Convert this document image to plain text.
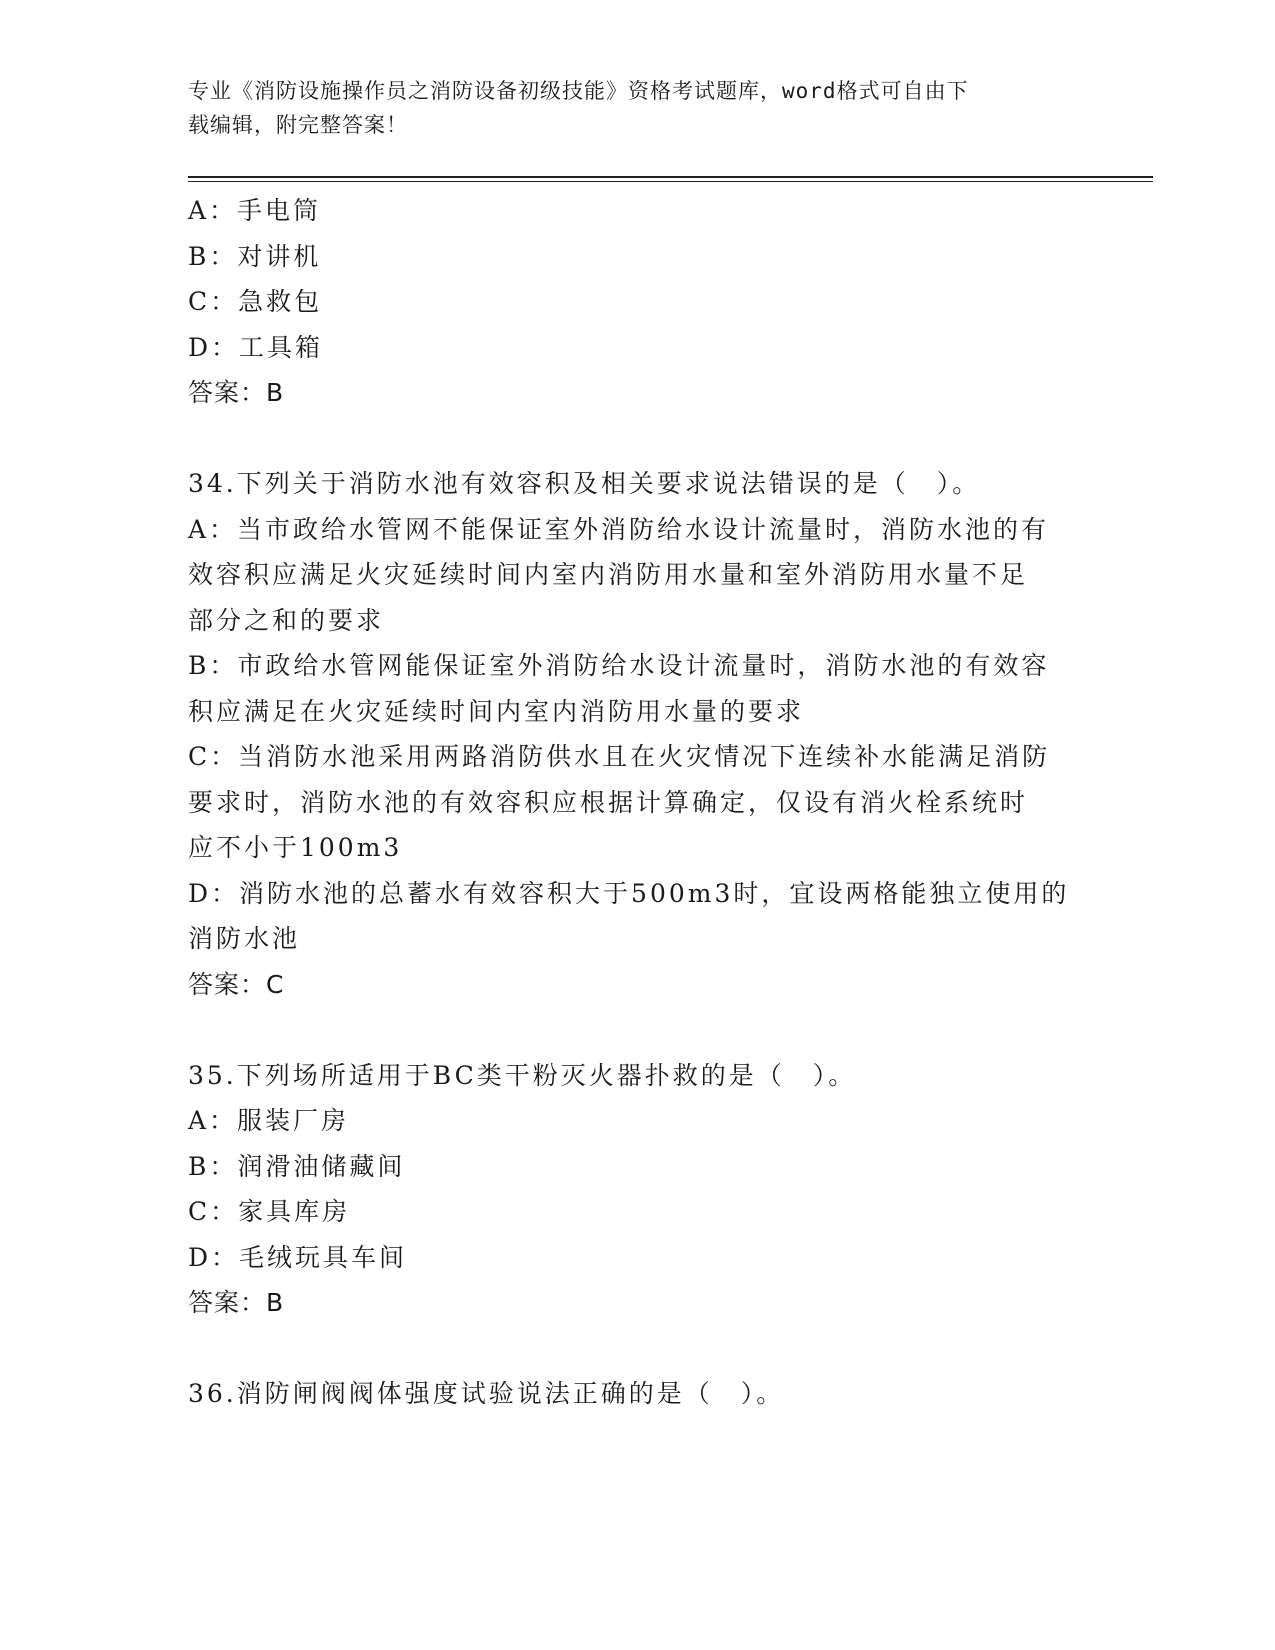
专业《消防设施操作员之消防设备初级技能》资格考试题库，word格式可自由下
载编辑，附完整答案！
A：手电筒
B：对讲机
C：急救包
D：工具箱
答案：B
34.下列关于消防水池有效容积及相关要求说法错误的是（　）。
A：当市政给水管网不能保证室外消防给水设计流量时，消防水池的有
效容积应满足火灾延续时间内室内消防用水量和室外消防用水量不足
部分之和的要求
B：市政给水管网能保证室外消防给水设计流量时，消防水池的有效容
积应满足在火灾延续时间内室内消防用水量的要求
C：当消防水池采用两路消防供水且在火灾情况下连续补水能满足消防
要求时，消防水池的有效容积应根据计算确定，仅设有消火栓系统时
应不小于100m3
D：消防水池的总蓄水有效容积大于500m3时，宜设两格能独立使用的
消防水池
答案：C
35.下列场所适用于BC类干粉灭火器扑救的是（　）。
A：服装厂房
B：润滑油储藏间
C：家具库房
D：毛绒玩具车间
答案：B
36.消防闸阀阀体强度试验说法正确的是（　）。
